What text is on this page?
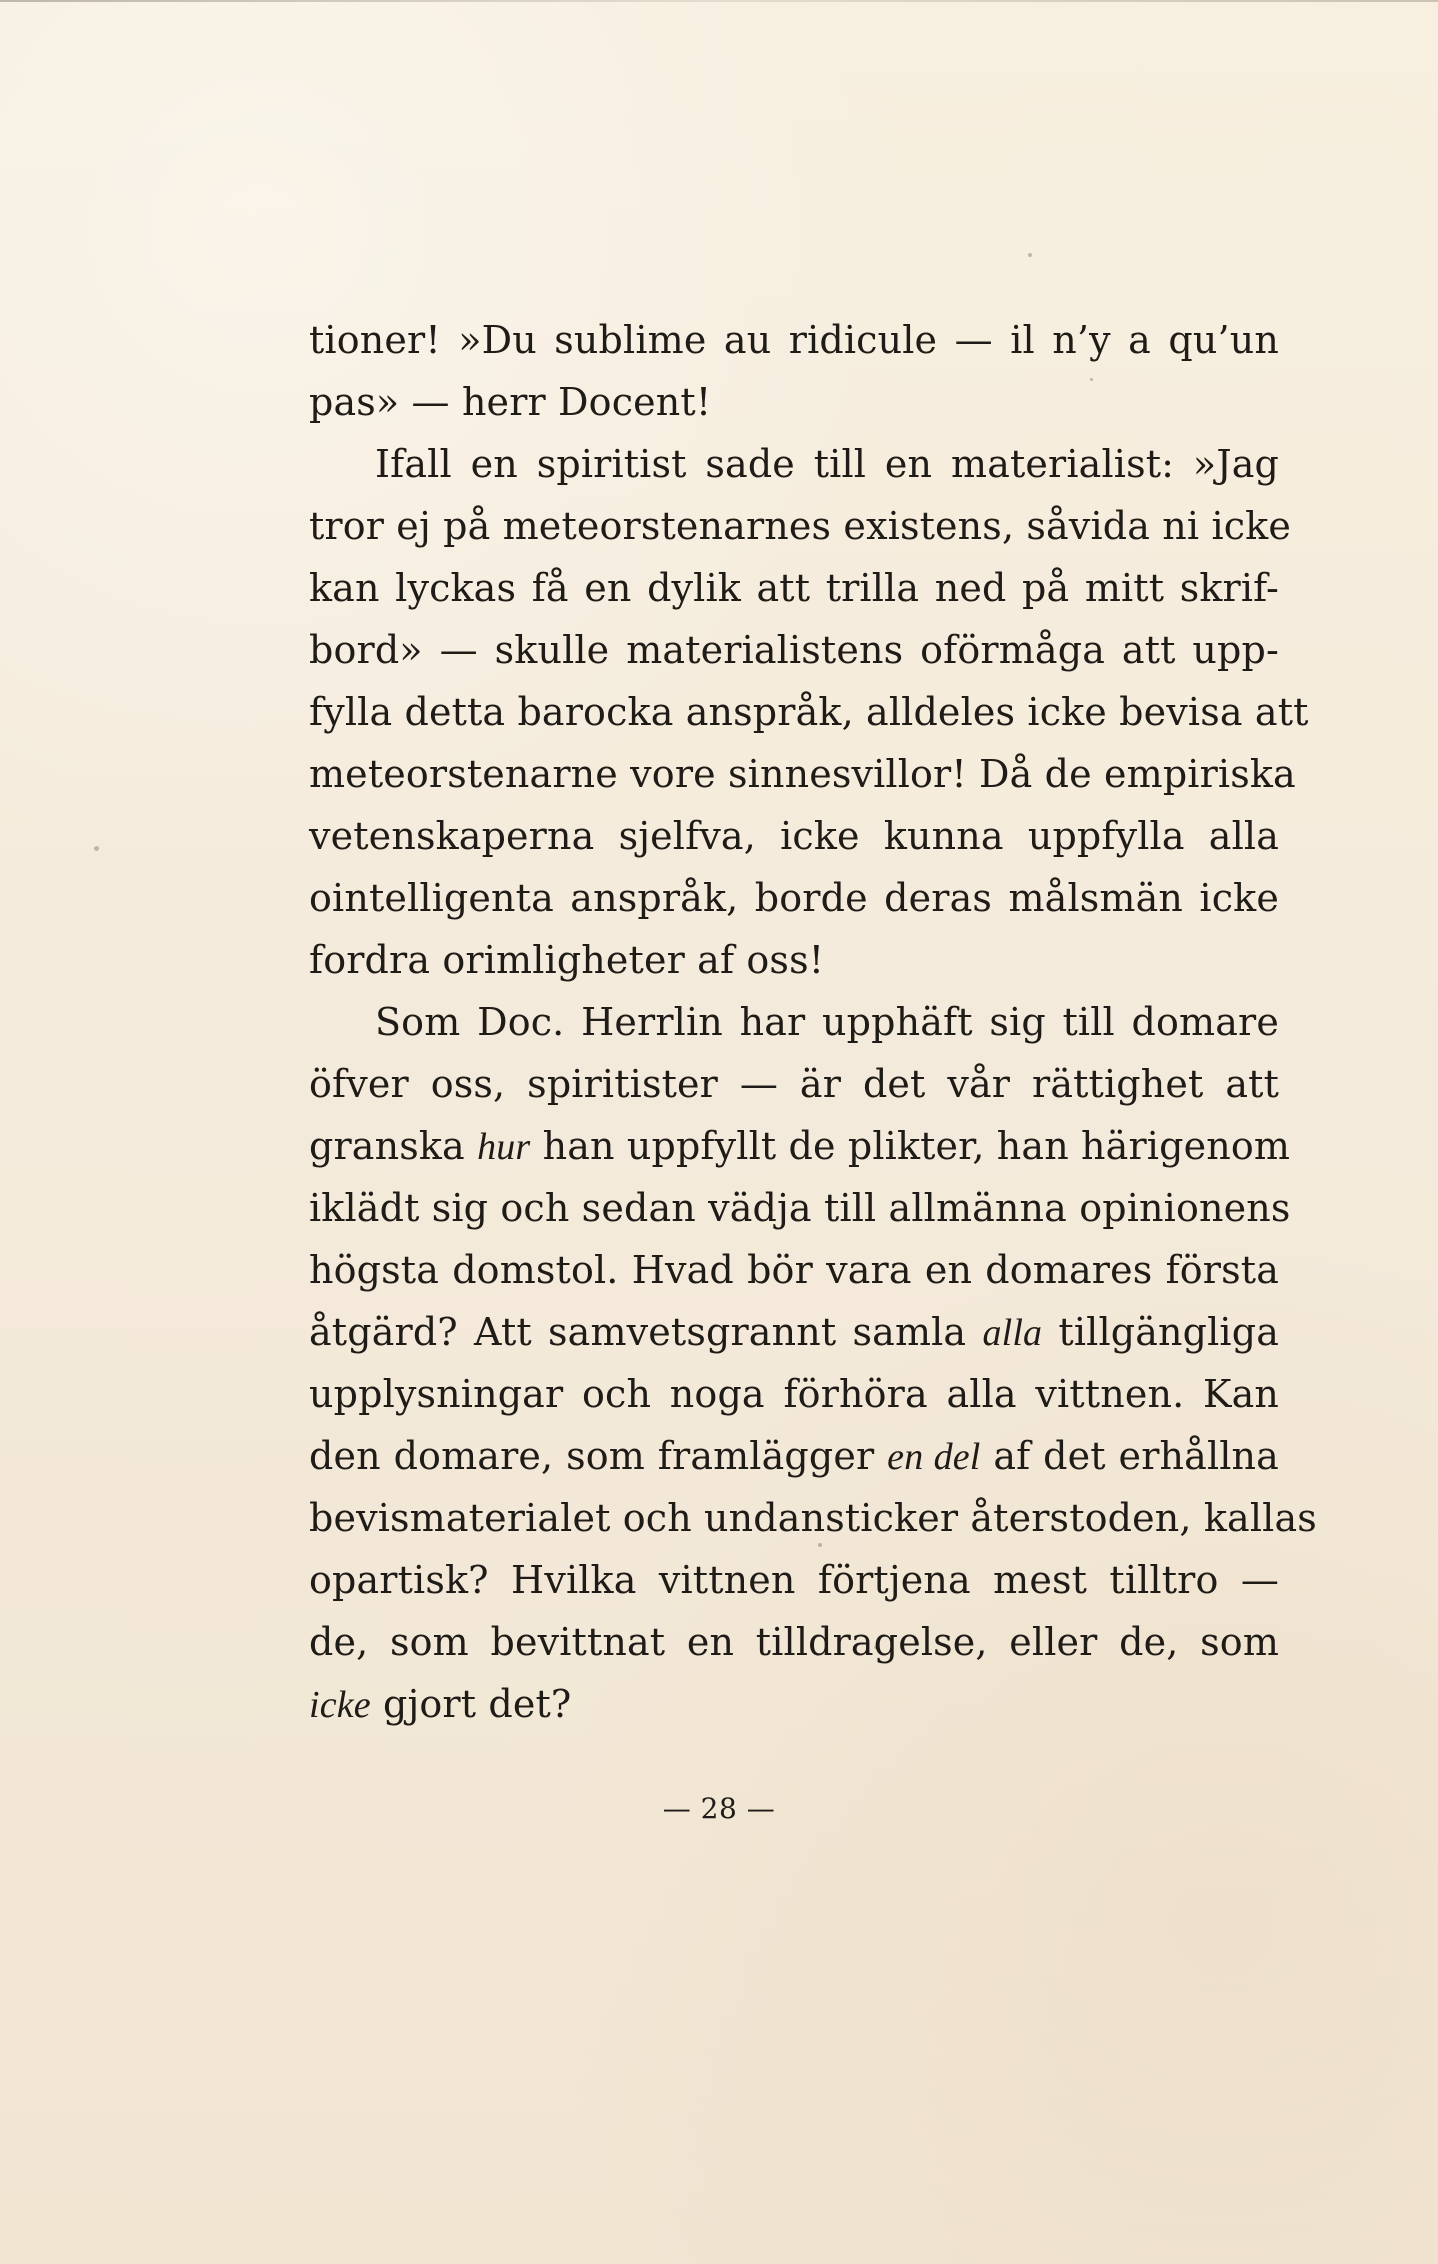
tioner! »Du sublime au ridicule — il n’y a qu’un
pas» — herr Docent!
Ifall en spiritist sade till en materialist: »Jag
tror ej på meteorstenarnes existens, såvida ni icke
kan lyckas få en dylik att trilla ned på mitt skrif-
bord» — skulle materialistens oförmåga att upp-
fylla detta barocka anspråk, alldeles icke bevisa att
meteorstenarne vore sinnesvillor! Då de empiriska
vetenskaperna sjelfva, icke kunna uppfylla alla
ointelligenta anspråk, borde deras målsmän icke
fordra orimligheter af oss!
Som Doc. Herrlin har upphäft sig till domare
öfver oss, spiritister — är det vår rättighet att
granska hur han uppfyllt de plikter, han härigenom
iklädt sig och sedan vädja till allmänna opinionens
högsta domstol. Hvad bör vara en domares första
åtgärd? Att samvetsgrannt samla alla tillgängliga
upplysningar och noga förhöra alla vittnen. Kan
den domare, som framlägger en del af det erhållna
bevismaterialet och undansticker återstoden, kallas
opartisk? Hvilka vittnen förtjena mest tilltro —
de, som bevittnat en tilldragelse, eller de, som
icke gjort det?
— 28 —
